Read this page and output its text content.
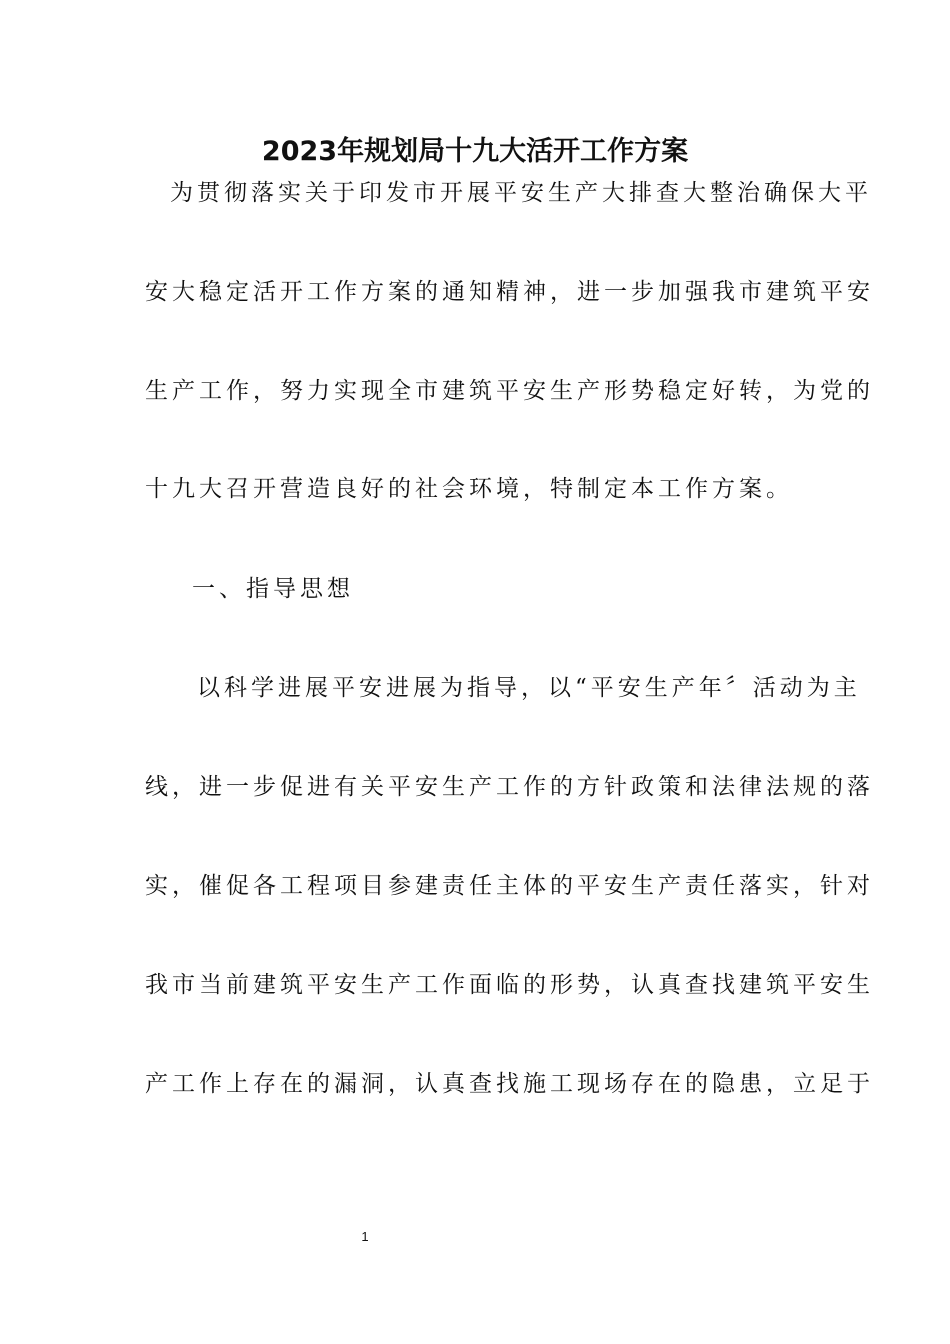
2023年规划局十九大活开工作方案
为贯彻落实关于印发市开展平安生产大排查大整治确保大平
安大稳定活开工作方案的通知精神，进一步加强我市建筑平安
生产工作，努力实现全市建筑平安生产形势稳定好转，为党的
十九大召开营造良好的社会环境，特制定本工作方案。
一、指导思想
以科学进展平安进展为指导，以“平安生产年〞活动为主
线，进一步促进有关平安生产工作的方针政策和法律法规的落
实，催促各工程项目参建责任主体的平安生产责任落实，针对
我市当前建筑平安生产工作面临的形势，认真查找建筑平安生
产工作上存在的漏洞，认真查找施工现场存在的隐患，立足于
1
